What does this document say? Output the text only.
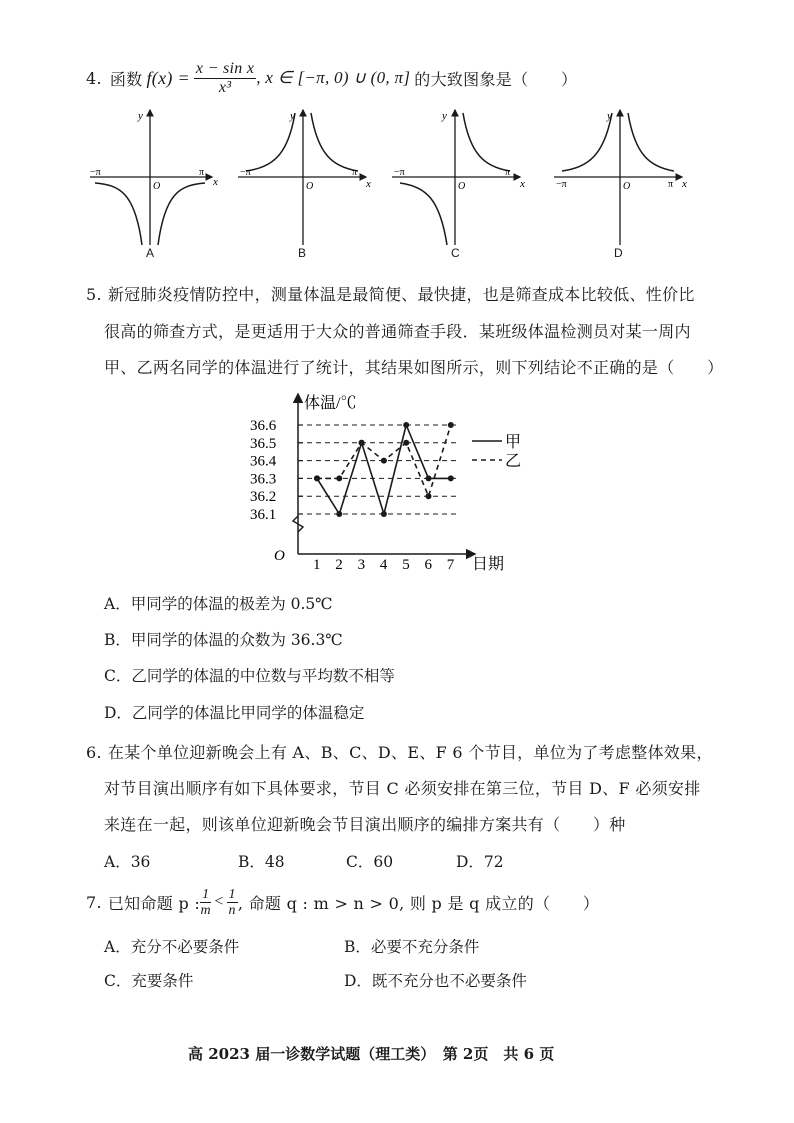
4. 函数 $f(x) = \frac{\text{x − sin x}}{\text{x³}}$ , x ∈ [−π, 0) ∪ (0, π] 的大致图象是（　　）
−π	π
x
y
O
−π	π
x
y
O
−π	π
x
y
O	−π	π x
y
O
A	B	C	D
5. 新冠肺炎疫情防控中，测量体温是最简便、最快捷，也是筛查成本比较低、性价比
很高的筛查方式，是更适用于大众的普通筛查手段．某班级体温检测员对某一周内
甲、乙两名同学的体温进行了统计，其结果如图所示，则下列结论不正确的是（　　）
体温/℃
日期
O
甲
乙
36.1
36.2
36.3
36.4
36.5
36.6
1 2 3 4 5 6 7
A．甲同学的体温的极差为 0.5℃
B．甲同学的体温的众数为 36.3℃
C．乙同学的体温的中位数与平均数不相等
D．乙同学的体温比甲同学的体温稳定
6. 在某个单位迎新晚会上有 A、B、C、D、E、F 6 个节目，单位为了考虑整体效果，
对节目演出顺序有如下具体要求，节目 C 必须安排在第三位，节目 D、F 必须安排
来连在一起，则该单位迎新晚会节目演出顺序的编排方案共有（　　）种
A．36	B．48	C．60	D．72
7. 已知命题 p : $\frac{1}{m} < \frac{1}{n}$ , 命题 q : m > n > 0, 则 p 是 q 成立的（　　）
A．充分不必要条件	B．必要不充分条件
C．充要条件	D．既不充分也不必要条件
高 2023 届一诊数学试题（理工类）　第 2页　共 6 页
